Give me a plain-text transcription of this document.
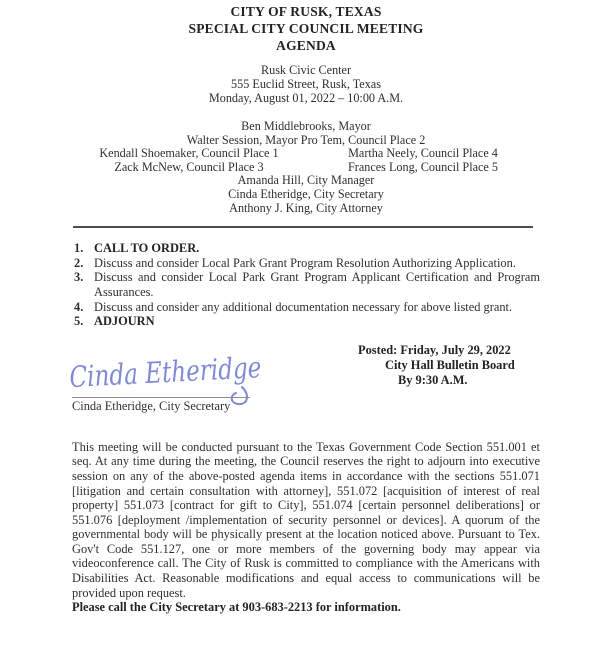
CITY OF RUSK, TEXAS
SPECIAL CITY COUNCIL MEETING
AGENDA
Rusk Civic Center
555 Euclid Street, Rusk, Texas
Monday, August 01, 2022 – 10:00 A.M.
Ben Middlebrooks, Mayor
Walter Session, Mayor Pro Tem, Council Place 2
Kendall Shoemaker, Council Place 1	Martha Neely, Council Place 4
Zack McNew, Council Place 3	Frances Long, Council Place 5
Amanda Hill, City Manager
Cinda Etheridge, City Secretary
Anthony J. King, City Attorney
1. CALL TO ORDER.
2. Discuss and consider Local Park Grant Program Resolution Authorizing Application.
3. Discuss and consider Local Park Grant Program Applicant Certification and Program Assurances.
4. Discuss and consider any additional documentation necessary for above listed grant.
5. ADJOURN
Posted: Friday, July 29, 2022
City Hall Bulletin Board
By 9:30 A.M.
Cinda Etheridge
Cinda Etheridge, City Secretary
This meeting will be conducted pursuant to the Texas Government Code Section 551.001 et seq. At any time during the meeting, the Council reserves the right to adjourn into executive session on any of the above-posted agenda items in accordance with the sections 551.071 [litigation and certain consultation with attorney], 551.072 [acquisition of interest of real property] 551.073 [contract for gift to City], 551.074 [certain personnel deliberations] or 551.076 [deployment /implementation of security personnel or devices]. A quorum of the governmental body will be physically present at the location noticed above. Pursuant to Tex. Gov't Code 551.127, one or more members of the governing body may appear via videoconference call. The City of Rusk is committed to compliance with the Americans with Disabilities Act. Reasonable modifications and equal access to communications will be provided upon request.
Please call the City Secretary at 903-683-2213 for information.
